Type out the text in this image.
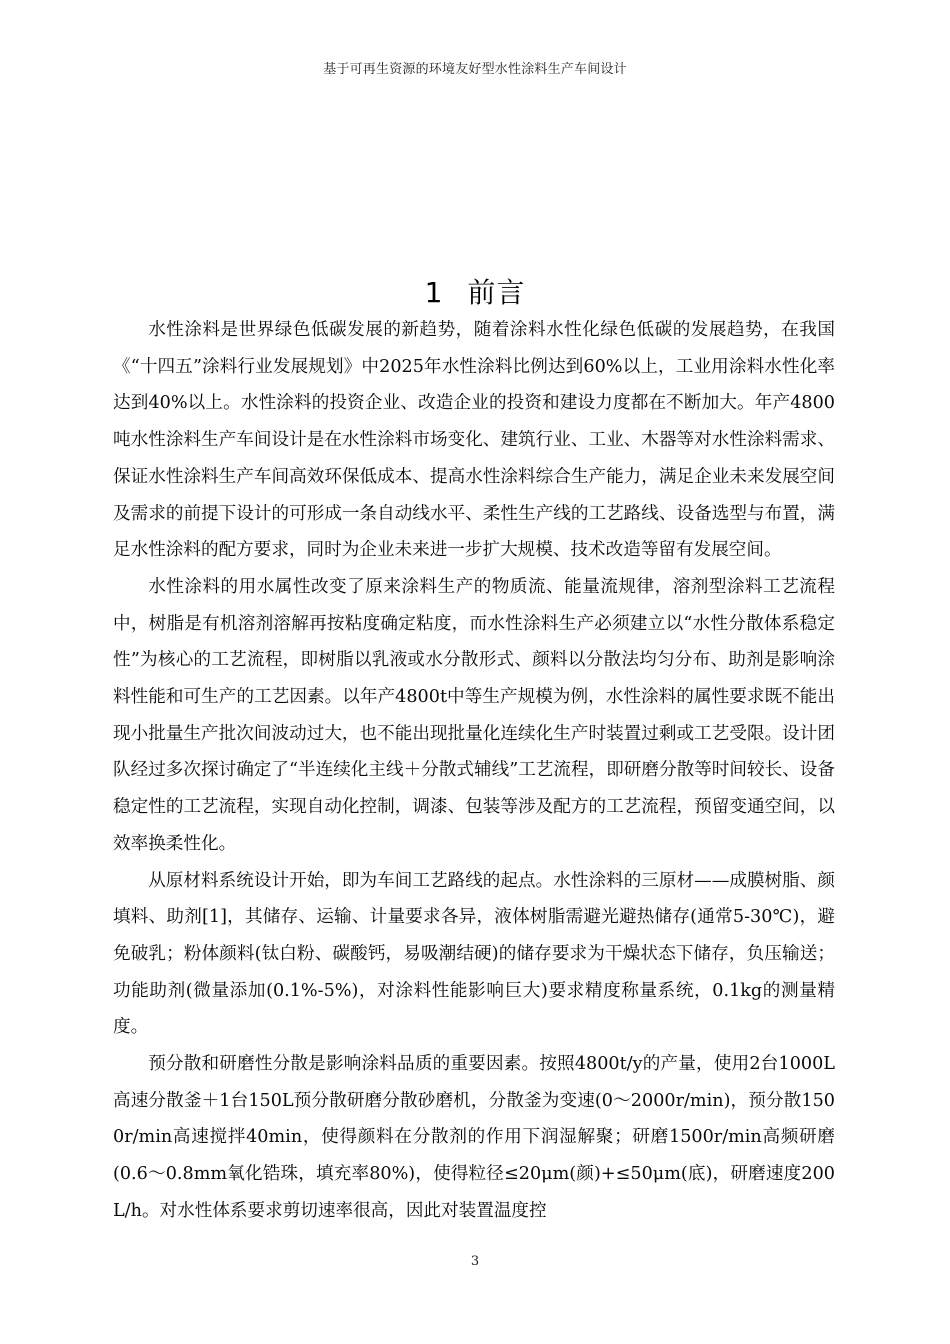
基于可再生资源的环境友好型水性涂料生产车间设计
1 前言

水性涂料是世界绿色低碳发展的新趋势，随着涂料水性化绿色低碳的发展趋势，在我国《“十四五”涂料行业发展规划》中2025年水性涂料比例达到60%以上，工业用涂料水性化率达到40%以上。水性涂料的投资企业、改造企业的投资和建设力度都在不断加大。年产4800吨水性涂料生产车间设计是在水性涂料市场变化、建筑行业、工业、木器等对水性涂料需求、保证水性涂料生产车间高效环保低成本、提高水性涂料综合生产能力，满足企业未来发展空间及需求的前提下设计的可形成一条自动线水平、柔性生产线的工艺路线、设备选型与布置，满足水性涂料的配方要求，同时为企业未来进一步扩大规模、技术改造等留有发展空间。

水性涂料的用水属性改变了原来涂料生产的物质流、能量流规律，溶剂型涂料工艺流程中，树脂是有机溶剂溶解再按粘度确定粘度，而水性涂料生产必须建立以“水性分散体系稳定性”为核心的工艺流程，即树脂以乳液或水分散形式、颜料以分散法均匀分布、助剂是影响涂料性能和可生产的工艺因素。以年产4800t中等生产规模为例，水性涂料的属性要求既不能出现小批量生产批次间波动过大，也不能出现批量化连续化生产时装置过剩或工艺受限。设计团队经过多次探讨确定了“半连续化主线＋分散式辅线”工艺流程，即研磨分散等时间较长、设备稳定性的工艺流程，实现自动化控制，调漆、包装等涉及配方的工艺流程，预留变通空间，以效率换柔性化。

从原材料系统设计开始，即为车间工艺路线的起点。水性涂料的三原材——成膜树脂、颜填料、助剂[1]，其储存、运输、计量要求各异，液体树脂需避光避热储存(通常5-30℃)，避免破乳；粉体颜料(钛白粉、碳酸钙，易吸潮结硬)的储存要求为干燥状态下储存，负压输送；功能助剂(微量添加(0.1%-5%)，对涂料性能影响巨大)要求精度称量系统，0.1kg的测量精度。

预分散和研磨性分散是影响涂料品质的重要因素。按照4800t/y的产量，使用2台1000L高速分散釜＋1台150L预分散研磨分散砂磨机，分散釜为变速(0～2000r/min)，预分散1500r/min高速搅拌40min，使得颜料在分散剂的作用下润湿解聚；研磨1500r/min高频研磨(0.6～0.8mm氧化锆珠，填充率80%)，使得粒径≤20μm(颜)+≤50μm(底)，研磨速度200L/h。对水性体系要求剪切速率很高，因此对装置温度控

3
